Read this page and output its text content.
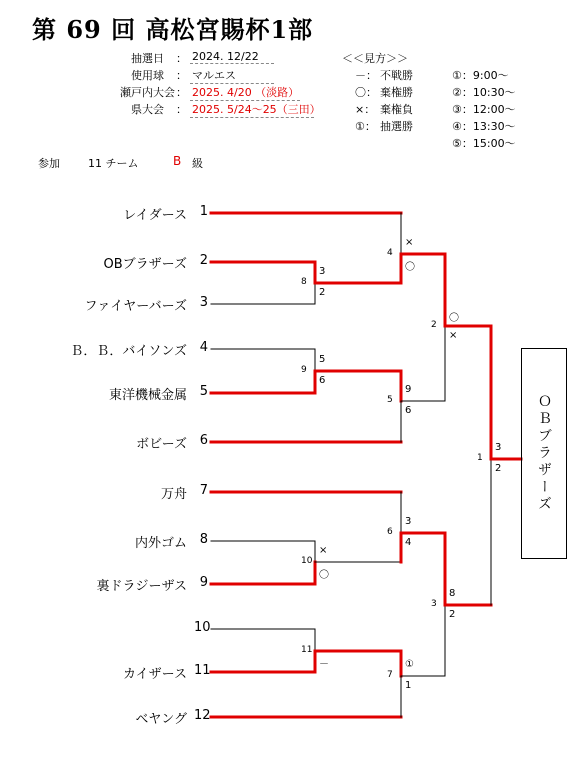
第 69 回 高松宮賜杯1部
抽選日 ： 2024. 12/22
使用球 ： マルエス
瀬戸内大会 ： 2025. 4/20 （淡路）
県大会 ： 2025. 5/24～25（三田）
＜＜見方＞＞
－： 不戦勝
〇： 棄権勝
×： 棄権負
①： 抽選勝
①：9:00～
②：10:30～
③：12:00～
④：13:30～
⑤：15:00～
参加	11 チーム	B 級
レイダース 1
OBブラザーズ 2
ファイヤーバーズ 3
Ｂ．Ｂ．バイソンズ 4
東洋機械金属 5
ボビーズ 6
万舟 7
内外ゴム 8
裏ドラジーザス 9
10
カイザース 11
ベヤング 12
8
3
2
9
5
6
10
×
〇
11
－
4
×
〇
5
9
6
6
3
4
7
①
1
2
〇
×
3
8
2
1
3
2 ＯＢブラザーズ
